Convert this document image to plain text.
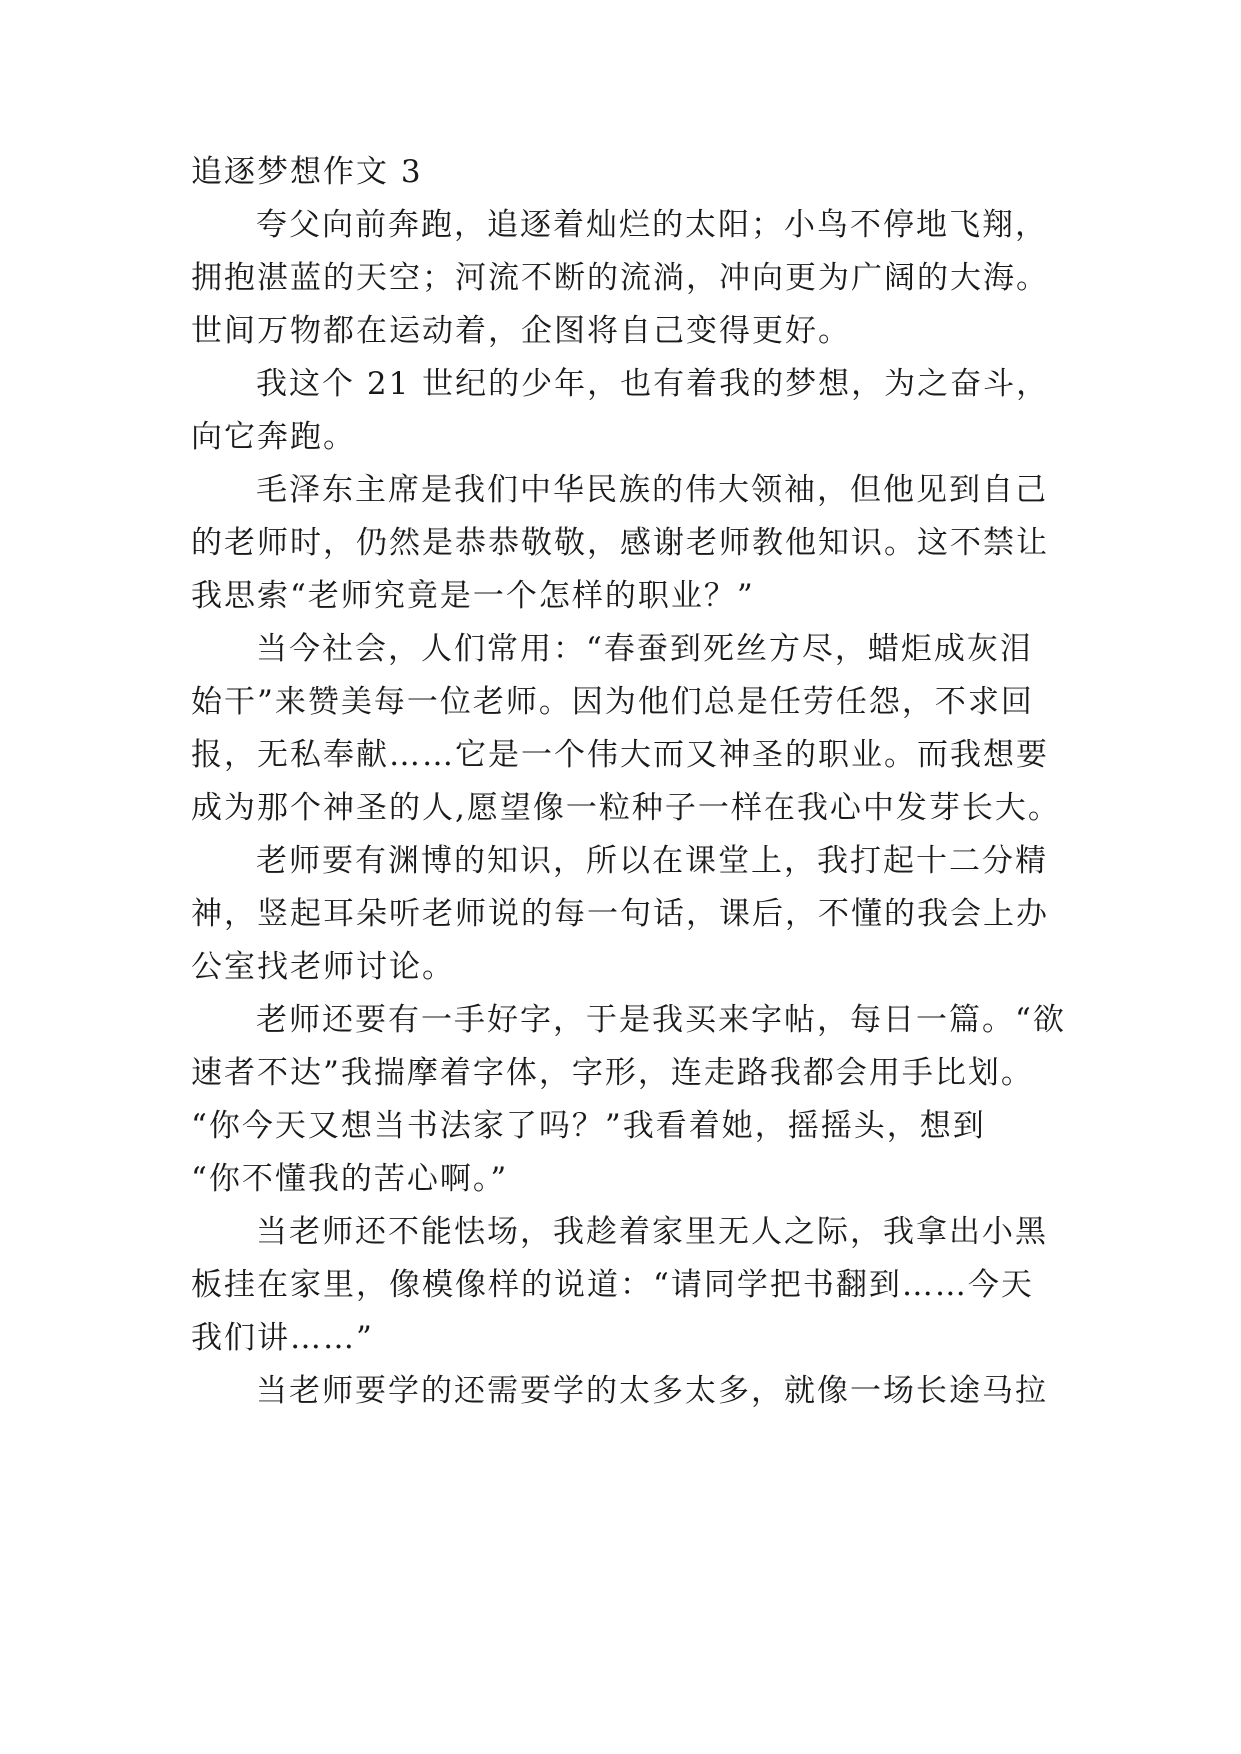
追逐梦想作文 3
夸父向前奔跑，追逐着灿烂的太阳；小鸟不停地飞翔，
拥抱湛蓝的天空；河流不断的流淌，冲向更为广阔的大海。
世间万物都在运动着，企图将自己变得更好。
我这个 21 世纪的少年，也有着我的梦想，为之奋斗，
向它奔跑。
毛泽东主席是我们中华民族的伟大领袖，但他见到自己
的老师时，仍然是恭恭敬敬，感谢老师教他知识。这不禁让
我思索“老师究竟是一个怎样的职业？”
当今社会，人们常用：“春蚕到死丝方尽，蜡炬成灰泪
始干”来赞美每一位老师。因为他们总是任劳任怨，不求回
报，无私奉献……它是一个伟大而又神圣的职业。而我想要
成为那个神圣的人,愿望像一粒种子一样在我心中发芽长大。
老师要有渊博的知识，所以在课堂上，我打起十二分精
神，竖起耳朵听老师说的每一句话，课后，不懂的我会上办
公室找老师讨论。
老师还要有一手好字，于是我买来字帖，每日一篇。“欲
速者不达”我揣摩着字体，字形，连走路我都会用手比划。
“你今天又想当书法家了吗？”我看着她，摇摇头，想到
“你不懂我的苦心啊。”
当老师还不能怯场，我趁着家里无人之际，我拿出小黑
板挂在家里，像模像样的说道：“请同学把书翻到……今天
我们讲……”
当老师要学的还需要学的太多太多，就像一场长途马拉
